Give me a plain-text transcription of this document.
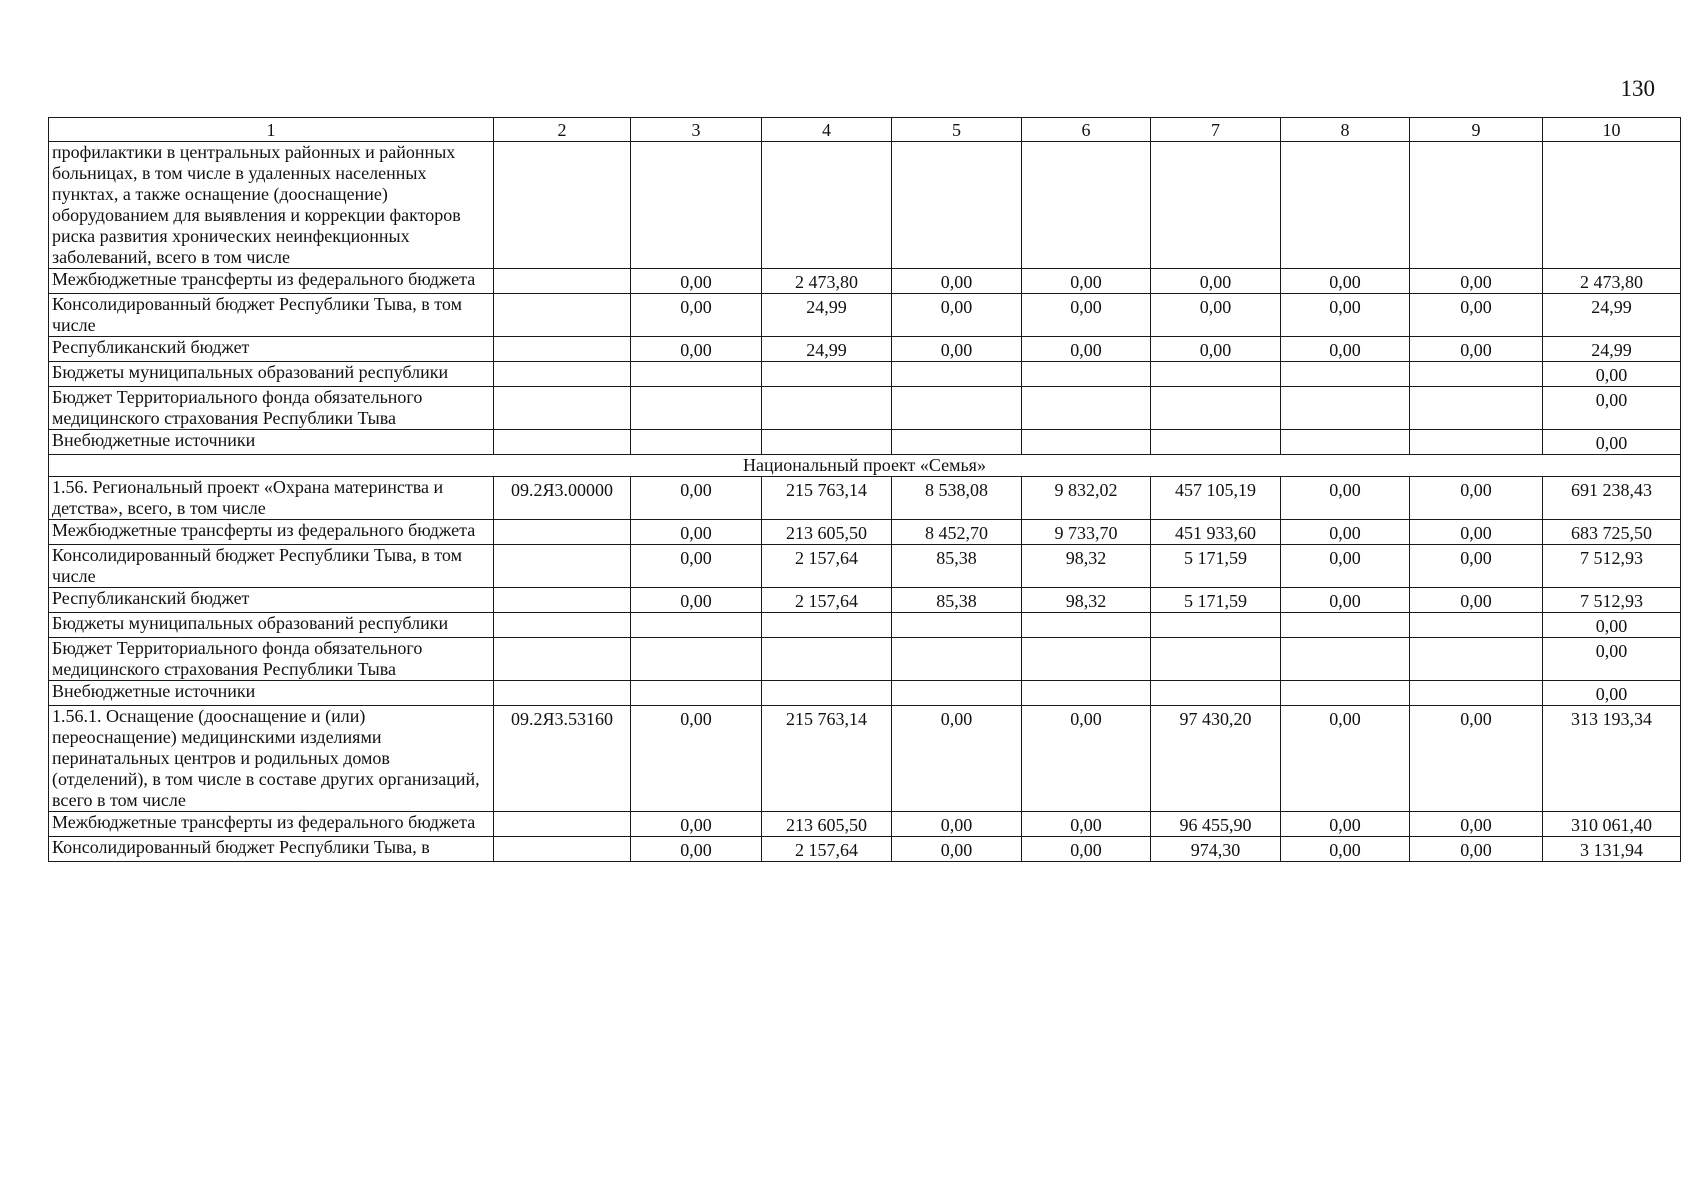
130
1	2	3	4	5	6	7	8	9	10
профилактики в центральных районных и районных больницах, в том числе в удаленных населенных пунктах, а также оснащение (дооснащение) оборудованием для выявления и коррекции факторов риска развития хронических неинфекционных заболеваний, всего в том числе									
Межбюджетные трансферты из федерального бюджета		0,00	2 473,80	0,00	0,00	0,00	0,00	0,00	2 473,80
Консолидированный бюджет Республики Тыва, в том числе		0,00	24,99	0,00	0,00	0,00	0,00	0,00	24,99
Республиканский бюджет		0,00	24,99	0,00	0,00	0,00	0,00	0,00	24,99
Бюджеты муниципальных образований республики									0,00
Бюджет Территориального фонда обязательного медицинского страхования Республики Тыва									0,00
Внебюджетные источники									0,00
Национальный проект «Семья»									
1.56. Региональный проект «Охрана материнства и детства», всего, в том числе	09.2Я3.00000	0,00	215 763,14	8 538,08	9 832,02	457 105,19	0,00	0,00	691 238,43
Межбюджетные трансферты из федерального бюджета		0,00	213 605,50	8 452,70	9 733,70	451 933,60	0,00	0,00	683 725,50
Консолидированный бюджет Республики Тыва, в том числе		0,00	2 157,64	85,38	98,32	5 171,59	0,00	0,00	7 512,93
Республиканский бюджет		0,00	2 157,64	85,38	98,32	5 171,59	0,00	0,00	7 512,93
Бюджеты муниципальных образований республики									0,00
Бюджет Территориального фонда обязательного медицинского страхования Республики Тыва									0,00
Внебюджетные источники									0,00
1.56.1. Оснащение (дооснащение и (или) переоснащение) медицинскими изделиями перинатальных центров и родильных домов (отделений), в том числе в составе других организаций, всего в том числе	09.2Я3.53160	0,00	215 763,14	0,00	0,00	97 430,20	0,00	0,00	313 193,34
Межбюджетные трансферты из федерального бюджета		0,00	213 605,50	0,00	0,00	96 455,90	0,00	0,00	310 061,40
Консолидированный бюджет Республики Тыва, в		0,00	2 157,64	0,00	0,00	974,30	0,00	0,00	3 131,94
